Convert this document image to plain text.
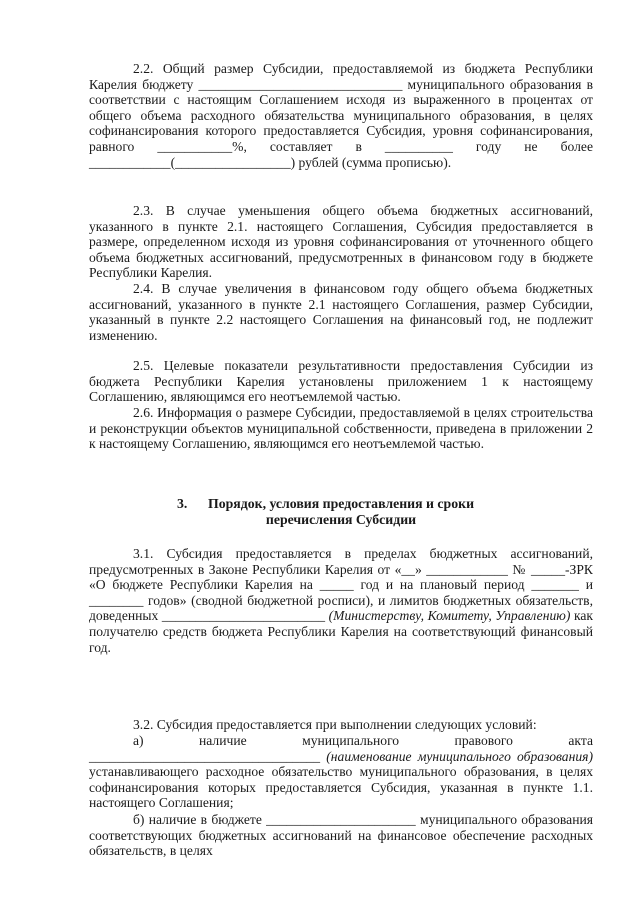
2.2. Общий размер Субсидии, предоставляемой из бюджета Республики Карелия бюджету ______________________________ муниципального образования в соответствии с настоящим Соглашением исходя из выраженного в процентах от общего объема расходного обязательства муниципального образования, в целях софинансирования которого предоставляется Субсидия, уровня софинансирования, равного ___________%, составляет в __________ году не более ____________(_________________) рублей (сумма прописью).

2.3. В случае уменьшения общего объема бюджетных ассигнований, указанного в пункте 2.1. настоящего Соглашения, Субсидия предоставляется в размере, определенном исходя из уровня софинансирования от уточненного общего объема бюджетных ассигнований, предусмотренных в финансовом году в бюджете Республики Карелия.

2.4. В случае увеличения в финансовом году общего объема бюджетных ассигнований, указанного в пункте 2.1 настоящего Соглашения, размер Субсидии, указанный в пункте 2.2 настоящего Соглашения на финансовый год, не подлежит изменению.

2.5. Целевые показатели результативности предоставления Субсидии из бюджета Республики Карелия установлены приложением 1 к настоящему Соглашению, являющимся его неотъемлемой частью.

2.6. Информация о размере Субсидии, предоставляемой в целях строительства и реконструкции объектов муниципальной собственности, приведена в приложении 2 к настоящему Соглашению, являющимся его неотъемлемой частью.

3.	Порядок, условия предоставления и сроки
перечисления Субсидии

3.1. Субсидия предоставляется в пределах бюджетных ассигнований, предусмотренных в Законе Республики Карелия от «__» ____________ № _____-ЗРК «О бюджете Республики Карелия на _____ год и на плановый период _______ и ________ годов» (сводной бюджетной росписи), и лимитов бюджетных обязательств, доведенных ________________________ (Министерству, Комитету, Управлению) как получателю средств бюджета Республики Карелия на соответствующий финансовый год.

3.2. Субсидия предоставляется при выполнении следующих условий:

а) наличие муниципального правового акта __________________________________ (наименование муниципального образования) устанавливающего расходное обязательство муниципального образования, в целях софинансирования которых предоставляется Субсидия, указанная в пункте 1.1. настоящего Соглашения;

б) наличие в бюджете ______________________ муниципального образования соответствующих бюджетных ассигнований на финансовое обеспечение расходных обязательств, в целях
